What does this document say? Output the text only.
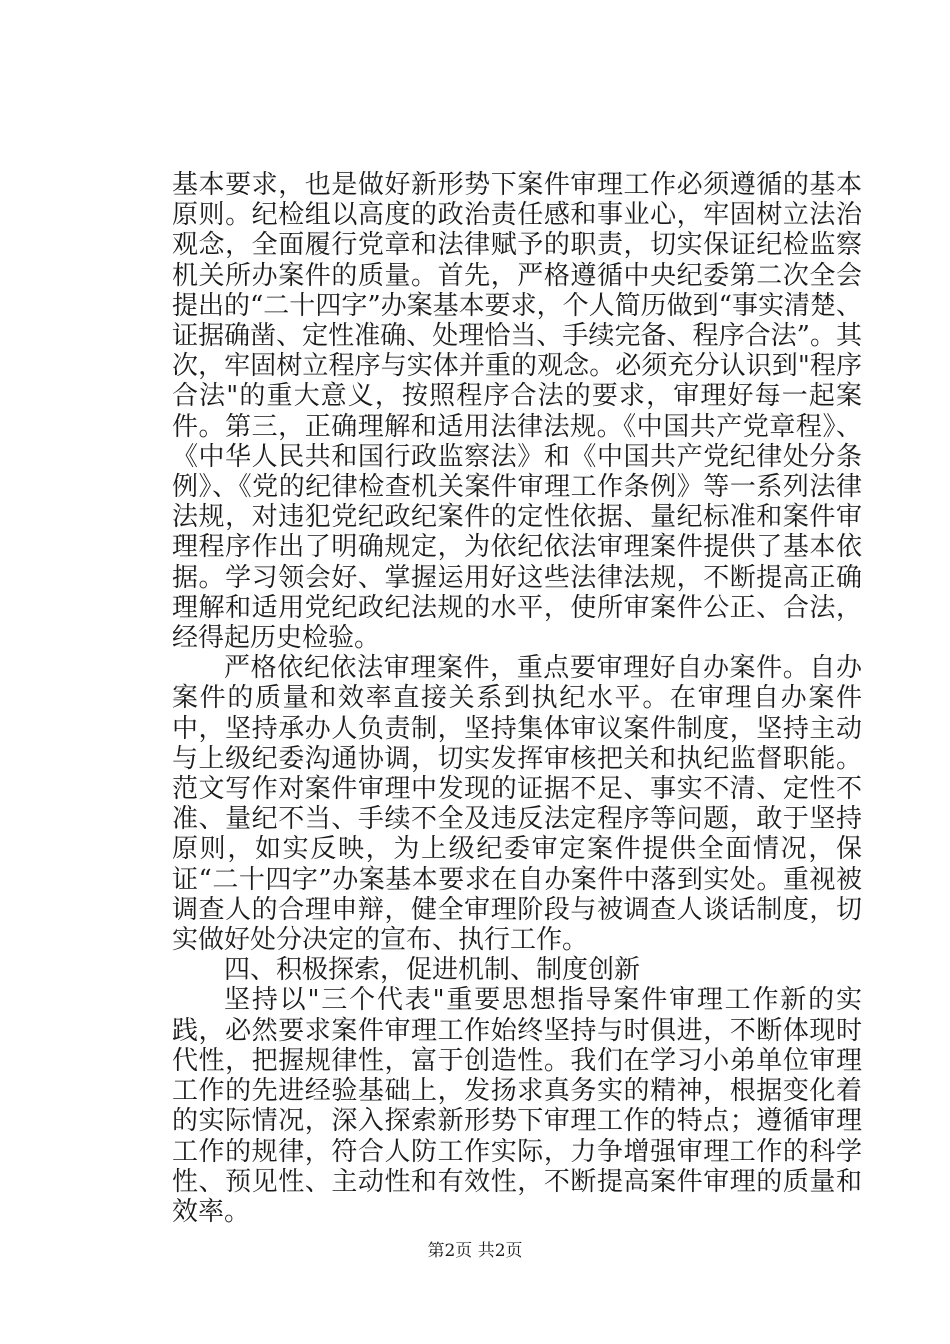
基本要求，也是做好新形势下案件审理工作必须遵循的基本原则。纪检组以高度的政治责任感和事业心，牢固树立法治观念，全面履行党章和法律赋予的职责，切实保证纪检监察机关所办案件的质量。首先，严格遵循中央纪委第二次全会提出的“二十四字”办案基本要求，个人简历做到“事实清楚、证据确凿、定性准确、处理恰当、手续完备、程序合法”。其次，牢固树立程序与实体并重的观念。必须充分认识到"程序合法"的重大意义，按照程序合法的要求，审理好每一起案件。第三，正确理解和适用法律法规。《中国共产党章程》、《中华人民共和国行政监察法》和《中国共产党纪律处分条例》、《党的纪律检查机关案件审理工作条例》等一系列法律法规，对违犯党纪政纪案件的定性依据、量纪标准和案件审理程序作出了明确规定，为依纪依法审理案件提供了基本依据。学习领会好、掌握运用好这些法律法规，不断提高正确理解和适用党纪政纪法规的水平，使所审案件公正、合法，经得起历史检验。

严格依纪依法审理案件，重点要审理好自办案件。自办案件的质量和效率直接关系到执纪水平。在审理自办案件中，坚持承办人负责制，坚持集体审议案件制度，坚持主动与上级纪委沟通协调，切实发挥审核把关和执纪监督职能。范文写作对案件审理中发现的证据不足、事实不清、定性不准、量纪不当、手续不全及违反法定程序等问题，敢于坚持原则，如实反映，为上级纪委审定案件提供全面情况，保证“二十四字”办案基本要求在自办案件中落到实处。重视被调查人的合理申辩，健全审理阶段与被调查人谈话制度，切实做好处分决定的宣布、执行工作。

四、积极探索，促进机制、制度创新

坚持以"三个代表"重要思想指导案件审理工作新的实践，必然要求案件审理工作始终坚持与时俱进，不断体现时代性，把握规律性，富于创造性。我们在学习小弟单位审理工作的先进经验基础上，发扬求真务实的精神，根据变化着的实际情况，深入探索新形势下审理工作的特点；遵循审理工作的规律，符合人防工作实际，力争增强审理工作的科学性、预见性、主动性和有效性，不断提高案件审理的质量和效率。

第2页 共2页
